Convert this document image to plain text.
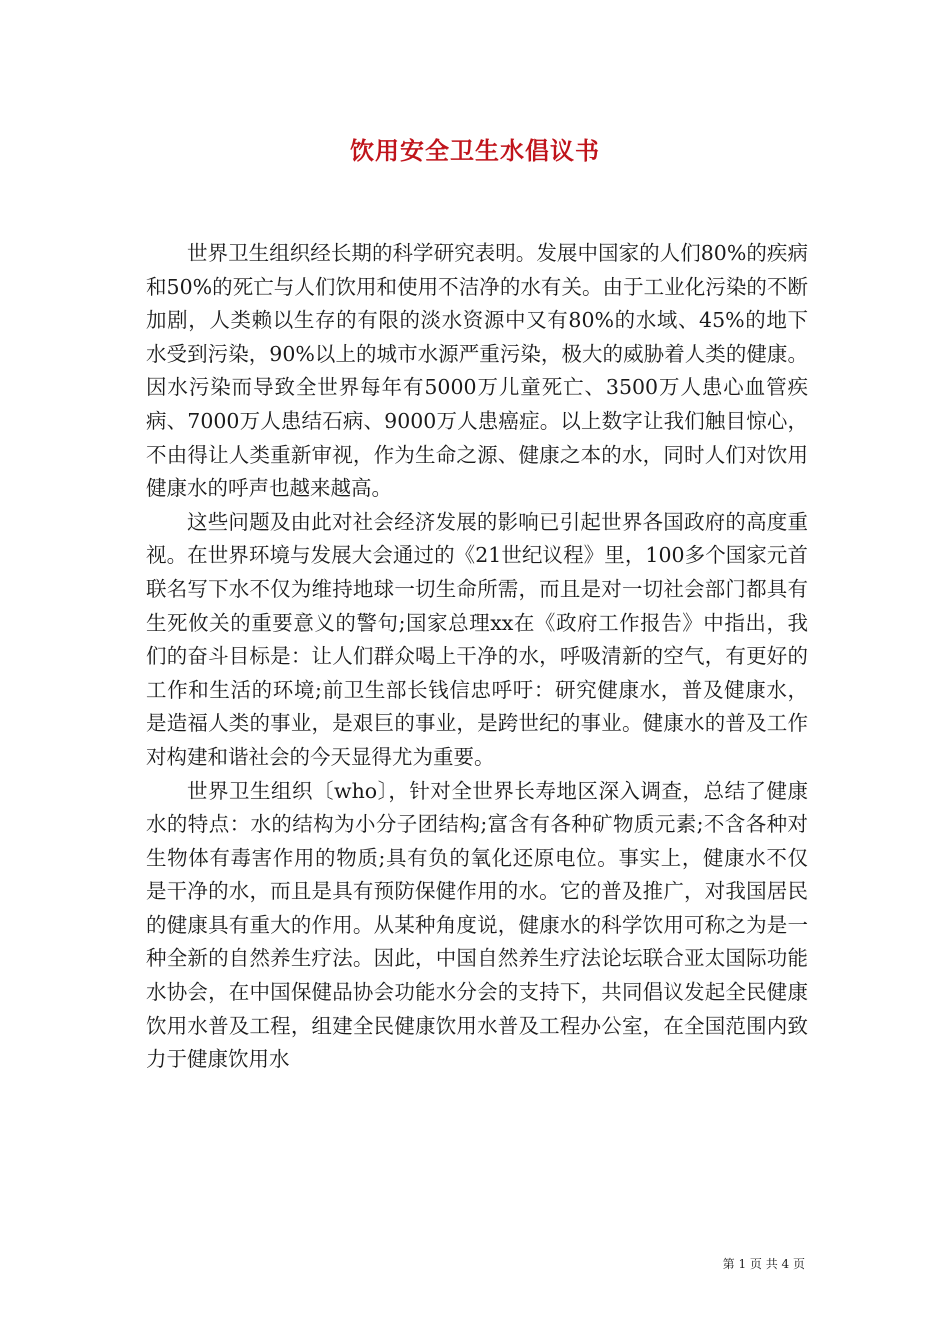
饮用安全卫生水倡议书

世界卫生组织经长期的科学研究表明。发展中国家的人们80%的疾病和50%的死亡与人们饮用和使用不洁净的水有关。由于工业化污染的不断加剧，人类赖以生存的有限的淡水资源中又有80%的水域、45%的地下水受到污染，90%以上的城市水源严重污染，极大的威胁着人类的健康。因水污染而导致全世界每年有5000万儿童死亡、3500万人患心血管疾病、7000万人患结石病、9000万人患癌症。以上数字让我们触目惊心，不由得让人类重新审视，作为生命之源、健康之本的水，同时人们对饮用健康水的呼声也越来越高。

这些问题及由此对社会经济发展的影响已引起世界各国政府的高度重视。在世界环境与发展大会通过的《21世纪议程》里，100多个国家元首联名写下水不仅为维持地球一切生命所需，而且是对一切社会部门都具有生死攸关的重要意义的警句;国家总理xx在《政府工作报告》中指出，我们的奋斗目标是：让人们群众喝上干净的水，呼吸清新的空气，有更好的工作和生活的环境;前卫生部长钱信忠呼吁：研究健康水，普及健康水，是造福人类的事业，是艰巨的事业，是跨世纪的事业。健康水的普及工作对构建和谐社会的今天显得尤为重要。

世界卫生组织〔who〕，针对全世界长寿地区深入调查，总结了健康水的特点：水的结构为小分子团结构;富含有各种矿物质元素;不含各种对生物体有毒害作用的物质;具有负的氧化还原电位。事实上，健康水不仅是干净的水，而且是具有预防保健作用的水。它的普及推广，对我国居民的健康具有重大的作用。从某种角度说，健康水的科学饮用可称之为是一种全新的自然养生疗法。因此，中国自然养生疗法论坛联合亚太国际功能水协会，在中国保健品协会功能水分会的支持下，共同倡议发起全民健康饮用水普及工程，组建全民健康饮用水普及工程办公室，在全国范围内致力于健康饮用水

第 1 页 共 4 页
